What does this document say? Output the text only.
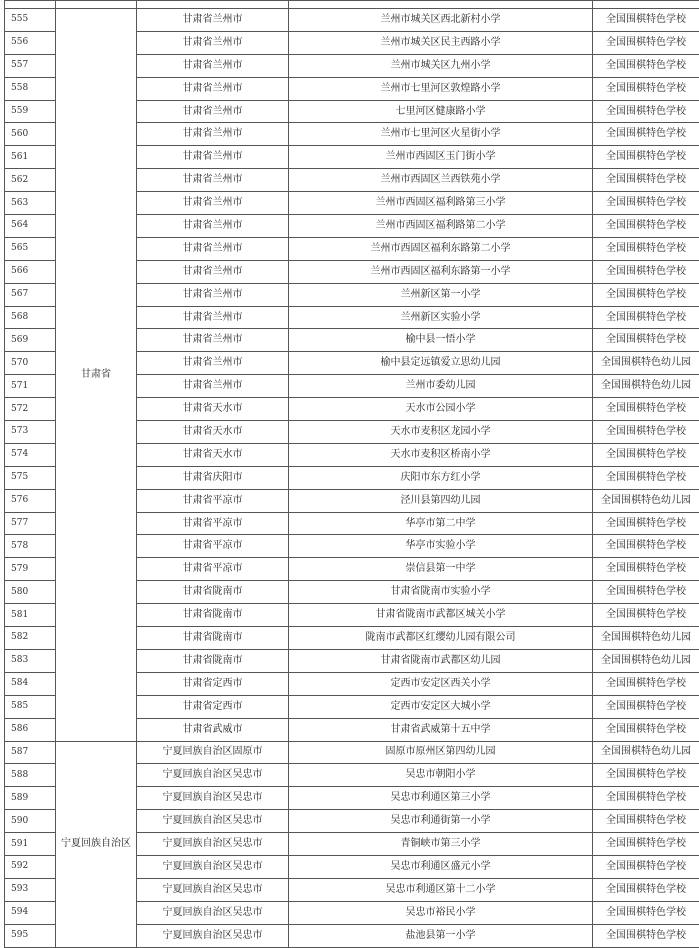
555	甘肃省	甘肃省兰州市	兰州市城关区西北新村小学	全国围棋特色学校
556		甘肃省兰州市	兰州市城关区民主西路小学	全国围棋特色学校
557		甘肃省兰州市	兰州市城关区九州小学	全国围棋特色学校
558		甘肃省兰州市	兰州市七里河区敦煌路小学	全国围棋特色学校
559		甘肃省兰州市	七里河区健康路小学	全国围棋特色学校
560		甘肃省兰州市	兰州市七里河区火星街小学	全国围棋特色学校
561		甘肃省兰州市	兰州市西固区玉门街小学	全国围棋特色学校
562		甘肃省兰州市	兰州市西固区兰西铁苑小学	全国围棋特色学校
563		甘肃省兰州市	兰州市西固区福利路第三小学	全国围棋特色学校
564		甘肃省兰州市	兰州市西固区福利路第二小学	全国围棋特色学校
565		甘肃省兰州市	兰州市西固区福利东路第二小学	全国围棋特色学校
566		甘肃省兰州市	兰州市西固区福利东路第一小学	全国围棋特色学校
567		甘肃省兰州市	兰州新区第一小学	全国围棋特色学校
568		甘肃省兰州市	兰州新区实验小学	全国围棋特色学校
569		甘肃省兰州市	榆中县一悟小学	全国围棋特色学校
570		甘肃省兰州市	榆中县定远镇爱立思幼儿园	全国围棋特色幼儿园
571		甘肃省兰州市	兰州市委幼儿园	全国围棋特色幼儿园
572		甘肃省天水市	天水市公园小学	全国围棋特色学校
573		甘肃省天水市	天水市麦积区龙园小学	全国围棋特色学校
574		甘肃省天水市	天水市麦积区桥南小学	全国围棋特色学校
575		甘肃省庆阳市	庆阳市东方红小学	全国围棋特色学校
576		甘肃省平凉市	泾川县第四幼儿园	全国围棋特色幼儿园
577		甘肃省平凉市	华亭市第二中学	全国围棋特色学校
578		甘肃省平凉市	华亭市实验小学	全国围棋特色学校
579		甘肃省平凉市	崇信县第一中学	全国围棋特色学校
580		甘肃省陇南市	甘肃省陇南市实验小学	全国围棋特色学校
581		甘肃省陇南市	甘肃省陇南市武都区城关小学	全国围棋特色学校
582		甘肃省陇南市	陇南市武都区红缨幼儿园有限公司	全国围棋特色幼儿园
583		甘肃省陇南市	甘肃省陇南市武都区幼儿园	全国围棋特色幼儿园
584		甘肃省定西市	定西市安定区西关小学	全国围棋特色学校
585		甘肃省定西市	定西市安定区大城小学	全国围棋特色学校
586		甘肃省武威市	甘肃省武威第十五中学	全国围棋特色学校
587	宁夏回族自治区	宁夏回族自治区固原市	固原市原州区第四幼儿园	全国围棋特色幼儿园
588		宁夏回族自治区吴忠市	吴忠市朝阳小学	全国围棋特色学校
589		宁夏回族自治区吴忠市	吴忠市利通区第三小学	全国围棋特色学校
590		宁夏回族自治区吴忠市	吴忠市利通街第一小学	全国围棋特色学校
591		宁夏回族自治区吴忠市	青铜峡市第三小学	全国围棋特色学校
592		宁夏回族自治区吴忠市	吴忠市利通区盛元小学	全国围棋特色学校
593		宁夏回族自治区吴忠市	吴忠市利通区第十二小学	全国围棋特色学校
594		宁夏回族自治区吴忠市	吴忠市裕民小学	全国围棋特色学校
595		宁夏回族自治区吴忠市	盐池县第一小学	全国围棋特色学校
